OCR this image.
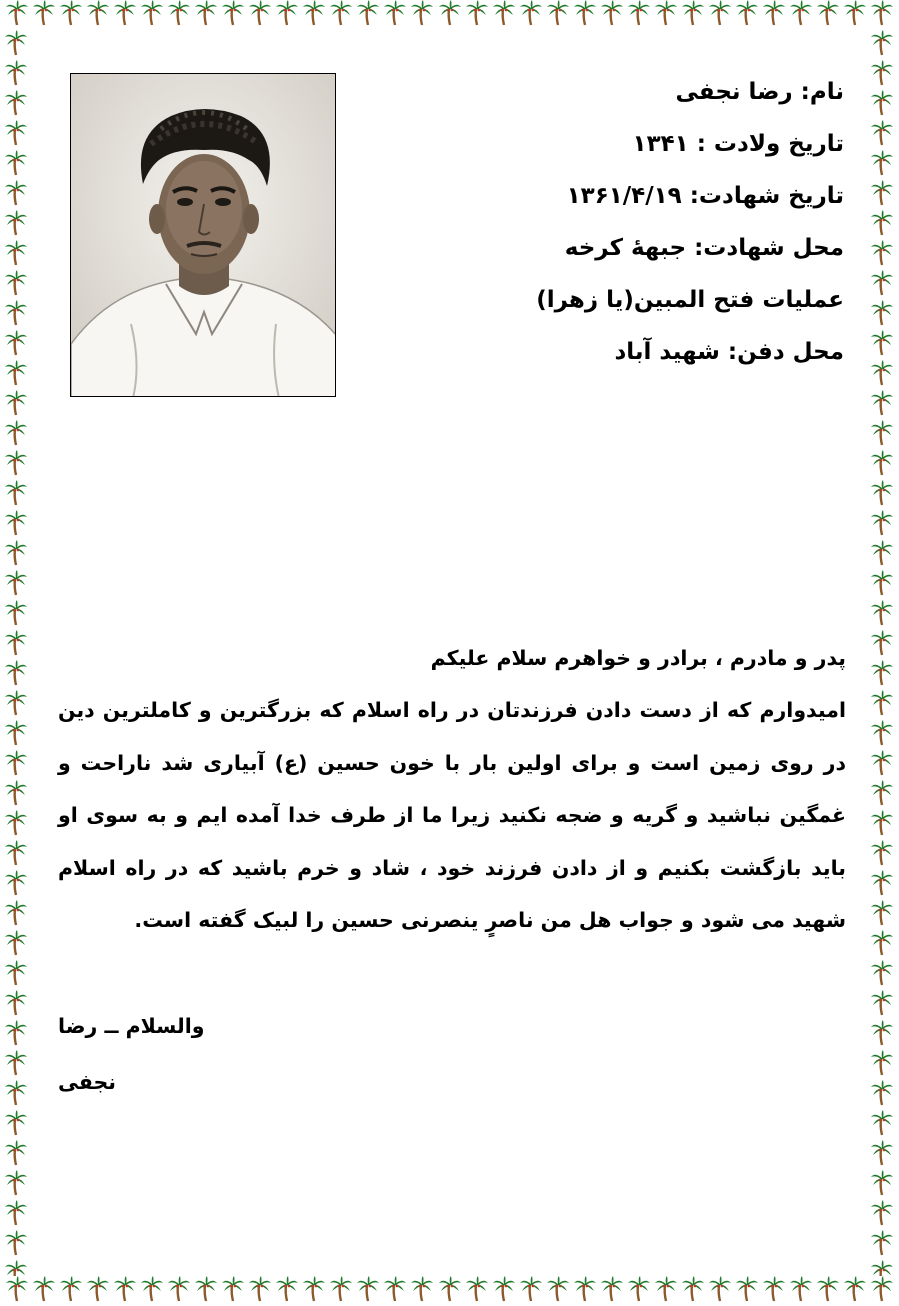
نام: رضا نجفی
تاریخ ولادت : ۱۳۴۱
تاریخ شهادت: ۱۳۶۱/۴/۱۹
محل شهادت: جبهۀ کرخه
عملیات فتح المبین(یا زهرا)
محل دفن: شهید آباد
پدر و مادرم ، برادر و خواهرم سلام علیکم
امیدوارم که از دست دادن فرزندتان در راه اسلام که بزرگترین و کاملترین دین در روی زمین است و برای اولین بار با خون حسین (ع) آبیاری شد ناراحت و غمگین نباشید و گریه و ضجه نکنید زیرا ما از طرف خدا آمده ایم و به سوی او باید بازگشت بکنیم و از دادن فرزند خود ، شاد و خرم باشید که در راه اسلام شهید می شود و جواب هل من ناصرٍ ینصرنی حسین را لبیک گفته است.
والسلام ــ رضا
نجفی
